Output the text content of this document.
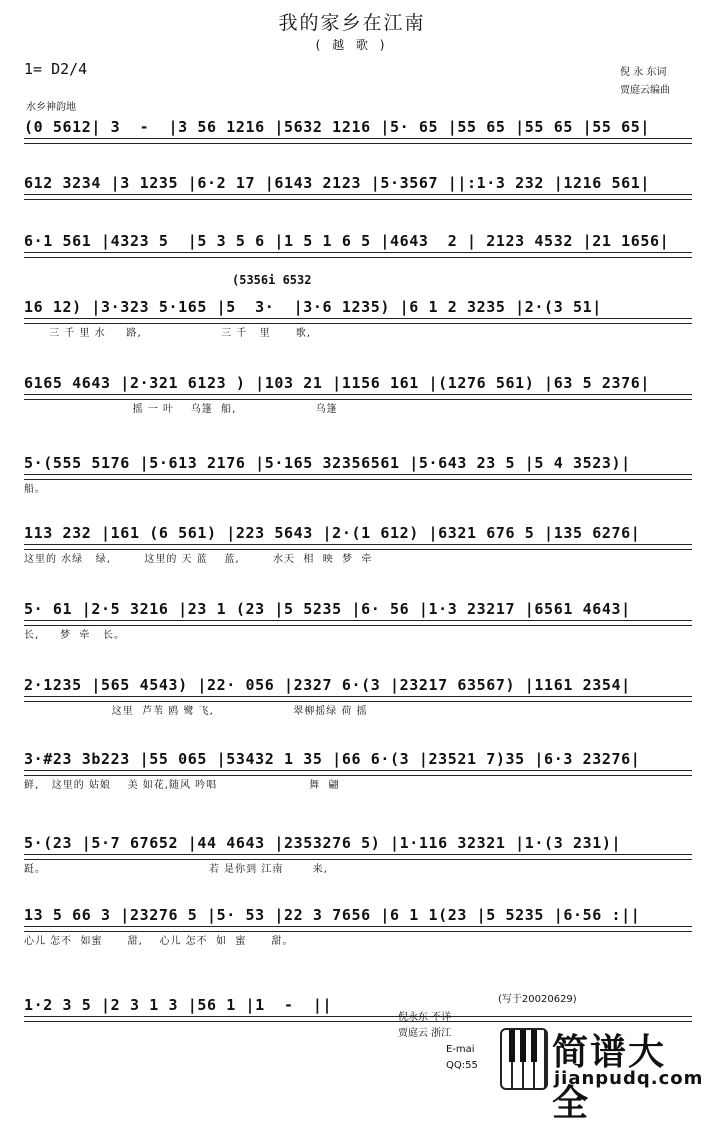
我的家乡在江南
( 越 歌 )
1= D2/4	倪 永 东词
贾庭云编曲
水乡神韵地
(5356i 6532
(0 5612| 3  -  |3 56 1216 |5632 1216 |5· 65 |55 65 |55 65 |55 65|
612 3234 |3 1235 |6·2 17 |6143 2123 |5·3567 ||:1·3 232 |1216 561|
6·1 561 |4323 5  |5 3 5 6 |1 5 1 6 5 |4643  2 | 2123 4532 |21 1656|
16 12) |3·323 5·165 |5  3·  |3·6 1235) |6 1 2 3235 |2·(3 51|
三 千 里 水     路,                   三 千   里      歌,
6165 4643 |2·321 6123 ) |103 21 |1156 161 |(1276 561) |63 5 2376|
摇 一 叶    乌篷  船,                   乌篷
5·(555 5176 |5·613 2176 |5·165 32356561 |5·643 23 5 |5 4 3523)|
船。
113 232 |161 (6 561) |223 5643 |2·(1 612) |6321 676 5 |135 6276|
这里的 水绿   绿,        这里的 天 蓝    蓝,        水天  相  映  梦  牵
5· 61 |2·5 3216 |23 1 (23 |5 5235 |6· 56 |1·3 23217 |6561 4643|
长,     梦  牵   长。
2·1235 |565 4543) |22· 056 |2327 6·(3 |23217 63567) |1161 2354|
这里  芦苇 鸥 鹭 飞,                   翠柳摇绿 荷 摇
3·#23 3b223 |55 065 |53432 1 35 |66 6·(3 |23521 7)35 |6·3 23276|
鲜,   这里的 姑娘    美 如花,随风 吟唱                      舞  翩
5·(23 |5·7 67652 |44 4643 |2353276 5) |1·116 32321 |1·(3 231)|
跹。                                       若 是你到 江南       来,
13 5 66 3 |23276 5 |5· 53 |22 3 7656 |6 1 1(23 |5 5235 |6·56 :||
心儿 怎不  如蜜      甜,    心儿 怎不  如  蜜      甜。
1·2 3 5 |2 3 1 3 |56 1 |1  -  ||	(写于20020629)
倪永东 不详
贾庭云 浙江
E-mai
QQ:55 简谱大全
jianpudq.com
